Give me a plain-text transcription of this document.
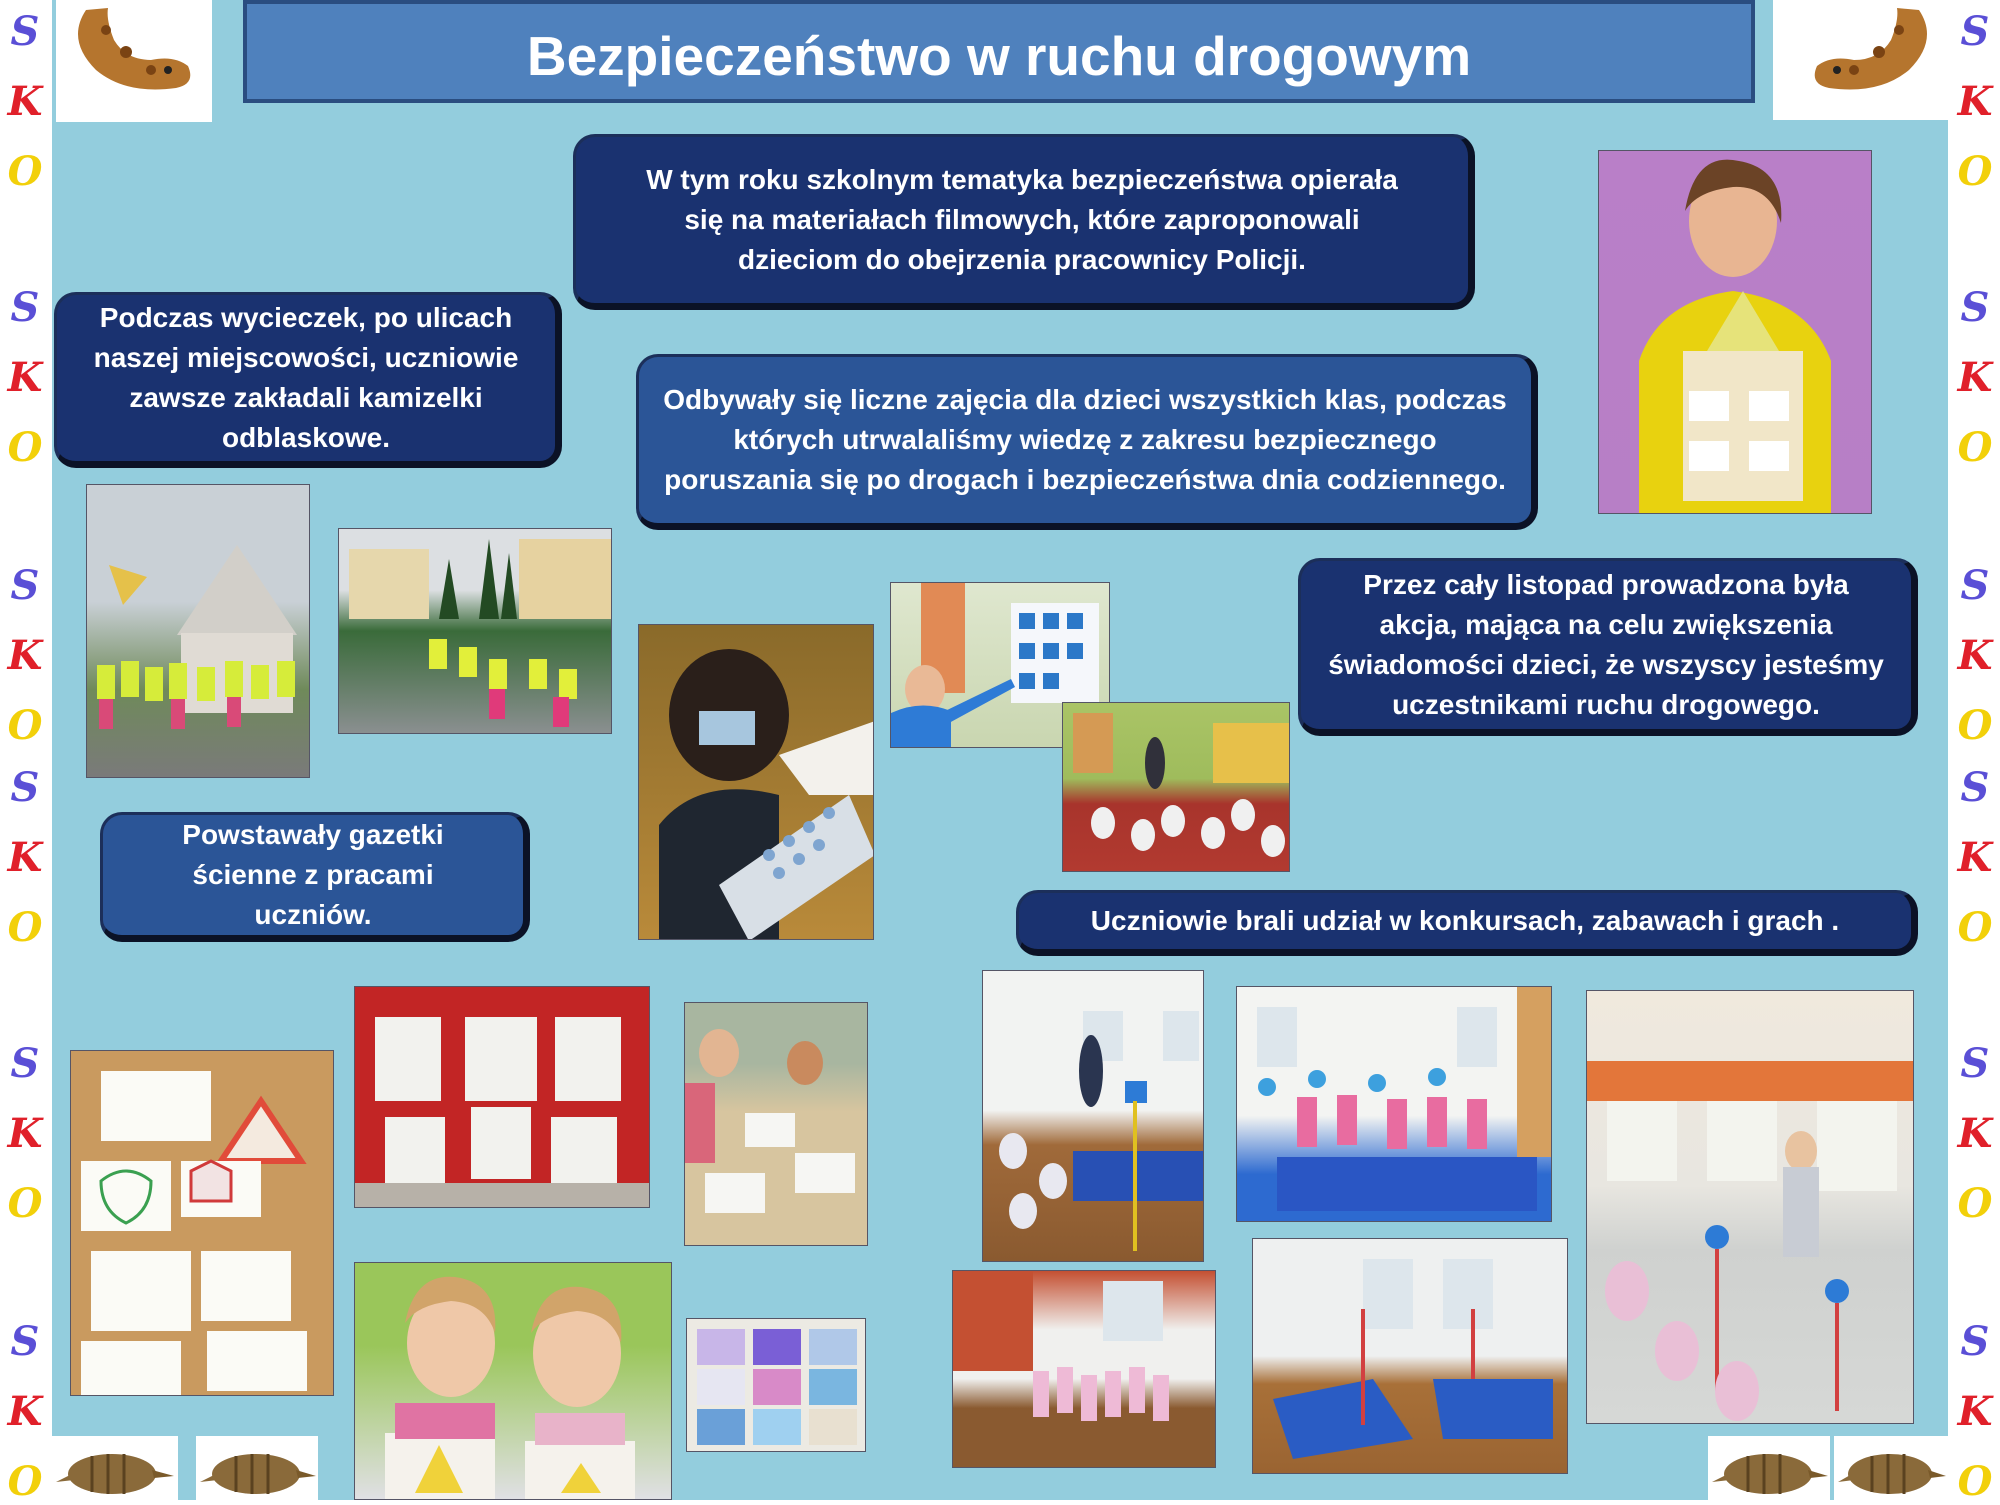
Bezpieczeństwo w ruchu drogowym
W tym roku szkolnym tematyka bezpieczeństwa opierała się na materiałach filmowych, które zaproponowali dzieciom do obejrzenia pracownicy Policji.
Podczas wycieczek, po ulicach naszej miejscowości, uczniowie zawsze zakładali kamizelki odblaskowe.
Odbywały się liczne zajęcia dla dzieci wszystkich klas, podczas których utrwalaliśmy wiedzę z zakresu bezpiecznego poruszania się po drogach i bezpieczeństwa dnia codziennego.
Przez cały listopad prowadzona była akcja, mająca na celu zwiększenia świadomości dzieci, że wszyscy jesteśmy uczestnikami ruchu drogowego.
Powstawały gazetki ścienne z pracami uczniów.	Uczniowie brali udział w konkursach, zabawach i grach .
S
K
O
S
K
O
S
K
O
S
K
O
S
K
O
S
K
O
S
K
O
S
K
O
S
K
O
S
K
O
S
K
O
S
K
O
